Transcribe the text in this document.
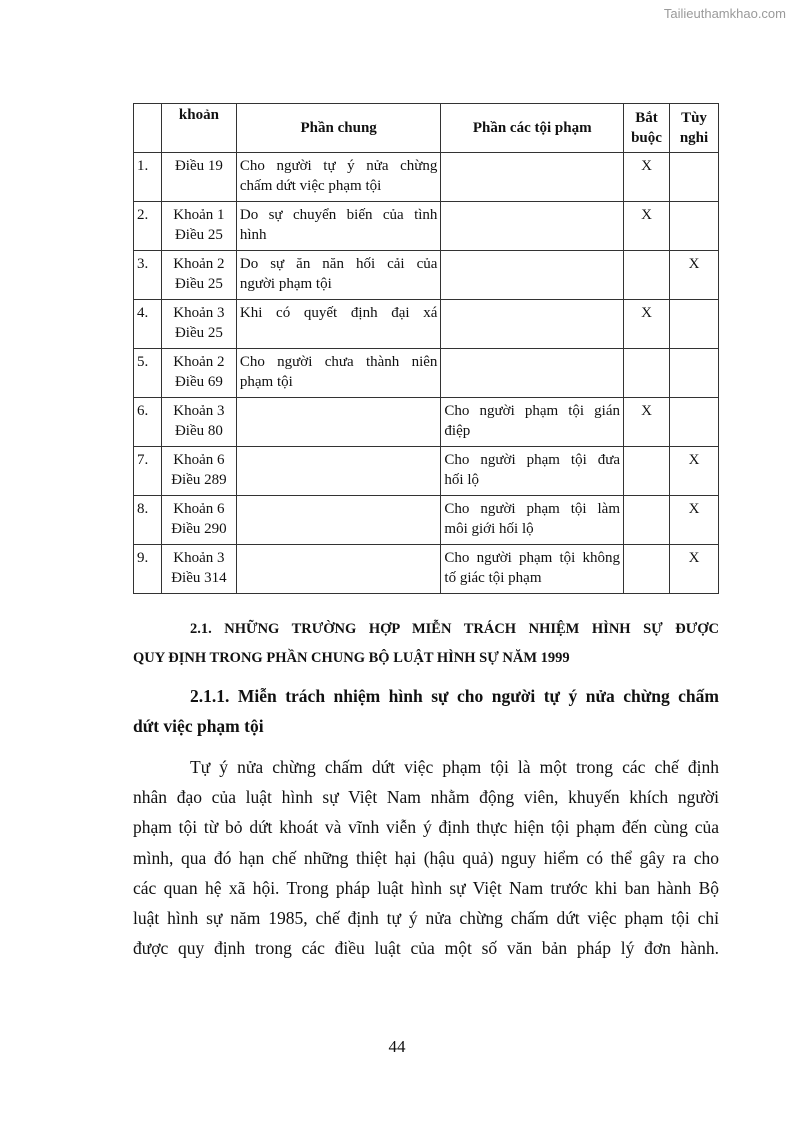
Tailieuthamkhao.com
	khoản	Phần chung	Phần các tội phạm	Bắt
buộc	Tùy
nghi
1.	Điều 19	Cho người tự ý nửa chừng
chấm dứt việc phạm tội		X	
2.	Khoản 1
Điều 25	Do sự chuyển biến của tình
hình		X	
3.	Khoản 2
Điều 25	Do sự ăn năn hối cải của
người phạm tội			X
4.	Khoản 3
Điều 25	Khi có quyết định đại xá		X	
5.	Khoản 2
Điều 69	Cho người chưa thành niên
phạm tội	

6.	Khoản 3
Điều 80		Cho người phạm tội gián
điệp	X	
7.	Khoản 6
Điều 289		Cho người phạm tội đưa
hối lộ		X
8.	Khoản 6
Điều 290		Cho người phạm tội làm
môi giới hối lộ		X
9.	Khoản 3
Điều 314		Cho người phạm tội không
tố giác tội phạm		X
2.1. NHỮNG TRƯỜNG HỢP MIỄN TRÁCH NHIỆM HÌNH SỰ ĐƯỢC
QUY ĐỊNH TRONG PHẦN CHUNG BỘ LUẬT HÌNH SỰ NĂM 1999
2.1.1. Miễn trách nhiệm hình sự cho người tự ý nửa chừng chấm
dứt việc phạm tội
Tự ý nửa chừng chấm dứt việc phạm tội là một trong các chế định
nhân đạo của luật hình sự Việt Nam nhằm động viên, khuyến khích người
phạm tội từ bỏ dứt khoát và vĩnh viễn ý định thực hiện tội phạm đến cùng của
mình, qua đó hạn chế những thiệt hại (hậu quả) nguy hiểm có thể gây ra cho
các quan hệ xã hội. Trong pháp luật hình sự Việt Nam trước khi ban hành Bộ
luật hình sự năm 1985, chế định tự ý nửa chừng chấm dứt việc phạm tội chỉ
được quy định trong các điều luật của một số văn bản pháp lý đơn hành.
44
